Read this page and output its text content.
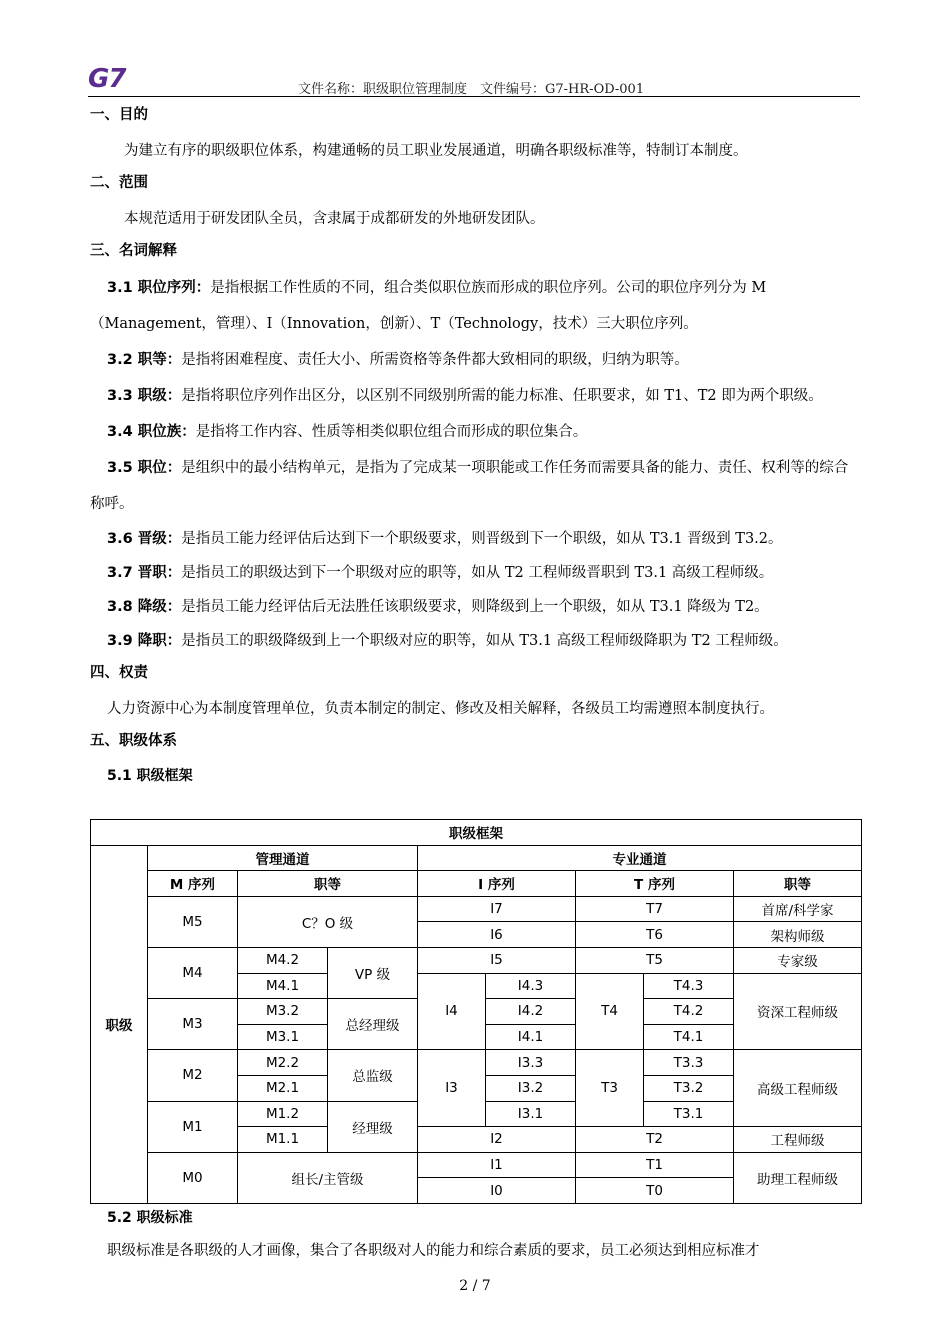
G7	文件名称：职级职位管理制度　文件编号：G7-HR-OD-001
一、目的
为建立有序的职级职位体系，构建通畅的员工职业发展通道，明确各职级标准等，特制订本制度。
二、范围
本规范适用于研发团队全员，含隶属于成都研发的外地研发团队。
三、名词解释
3.1 职位序列：是指根据工作性质的不同，组合类似职位族而形成的职位序列。公司的职位序列分为 M（Management，管理）、I（Innovation，创新）、T（Technology，技术）三大职位序列。
3.2 职等：是指将困难程度、责任大小、所需资格等条件都大致相同的职级，归纳为职等。
3.3 职级：是指将职位序列作出区分，以区别不同级别所需的能力标准、任职要求，如 T1、T2 即为两个职级。
3.4 职位族：是指将工作内容、性质等相类似职位组合而形成的职位集合。
3.5 职位：是组织中的最小结构单元，是指为了完成某一项职能或工作任务而需要具备的能力、责任、权利等的综合称呼。
3.6 晋级：是指员工能力经评估后达到下一个职级要求，则晋级到下一个职级，如从 T3.1 晋级到 T3.2。
3.7 晋职：是指员工的职级达到下一个职级对应的职等，如从 T2 工程师级晋职到 T3.1 高级工程师级。
3.8 降级：是指员工能力经评估后无法胜任该职级要求，则降级到上一个职级，如从 T3.1 降级为 T2。
3.9 降职：是指员工的职级降级到上一个职级对应的职等，如从 T3.1 高级工程师级降职为 T2 工程师级。
四、权责
人力资源中心为本制度管理单位，负责本制定的制定、修改及相关解释，各级员工均需遵照本制度执行。
五、职级体系
5.1 职级框架
职级框架								
职级	管理通道			专业通道				
	M 序列	职等		I 序列		T 序列		职等
	M5	C？O 级		I7		T7		首席/科学家
				I6		T6		架构师级
	M4	M4.2	VP 级	I5		T5		专家级
		M4.1		I4	I4.3	T4	T4.3	资深工程师级
	M3	M3.2	总经理级		I4.2		T4.2	
		M3.1			I4.1		T4.1	
	M2	M2.2	总监级	I3	I3.3	T3	T3.3	高级工程师级
		M2.1			I3.2		T3.2	
	M1	M1.2	经理级		I3.1		T3.1	
		M1.1		I2		T2		工程师级
	M0	组长/主管级		I1		T1		助理工程师级
				I0		T0		
5.2 职级标准
职级标准是各职级的人才画像，集合了各职级对人的能力和综合素质的要求，员工必须达到相应标准才
2 / 7
